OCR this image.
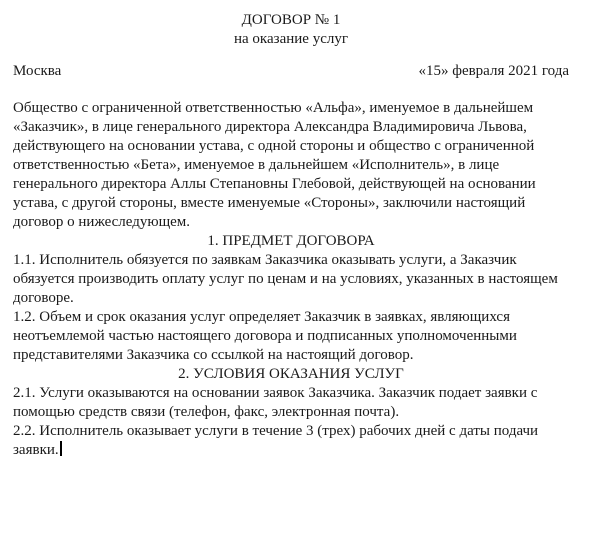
ДОГОВОР № 1

на оказание услуг

Москва	«15» февраля 2021 года

Общество с ограниченной ответственностью «Альфа», именуемое в дальнейшем «Заказчик», в лице генерального директора Александра Владимировича Львова, действующего на основании устава, с одной стороны и общество с ограниченной ответственностью «Бета», именуемое в дальнейшем «Исполнитель», в лице генерального директора Аллы Степановны Глебовой, действующей на основании устава, с другой стороны, вместе именуемые «Стороны», заключили настоящий договор о нижеследующем.

1. ПРЕДМЕТ ДОГОВОРА

1.1. Исполнитель обязуется по заявкам Заказчика оказывать услуги, а Заказчик обязуется производить оплату услуг по ценам и на условиях, указанных в настоящем договоре.

1.2. Объем и срок оказания услуг определяет Заказчик в заявках, являющихся неотъемлемой частью настоящего договора и подписанных уполномоченными представителями Заказчика со ссылкой на настоящий договор.

2. УСЛОВИЯ ОКАЗАНИЯ УСЛУГ

2.1. Услуги оказываются на основании заявок Заказчика. Заказчик подает заявки с помощью средств связи (телефон, факс, электронная почта).

2.2. Исполнитель оказывает услуги в течение 3 (трех) рабочих дней с даты подачи заявки.
